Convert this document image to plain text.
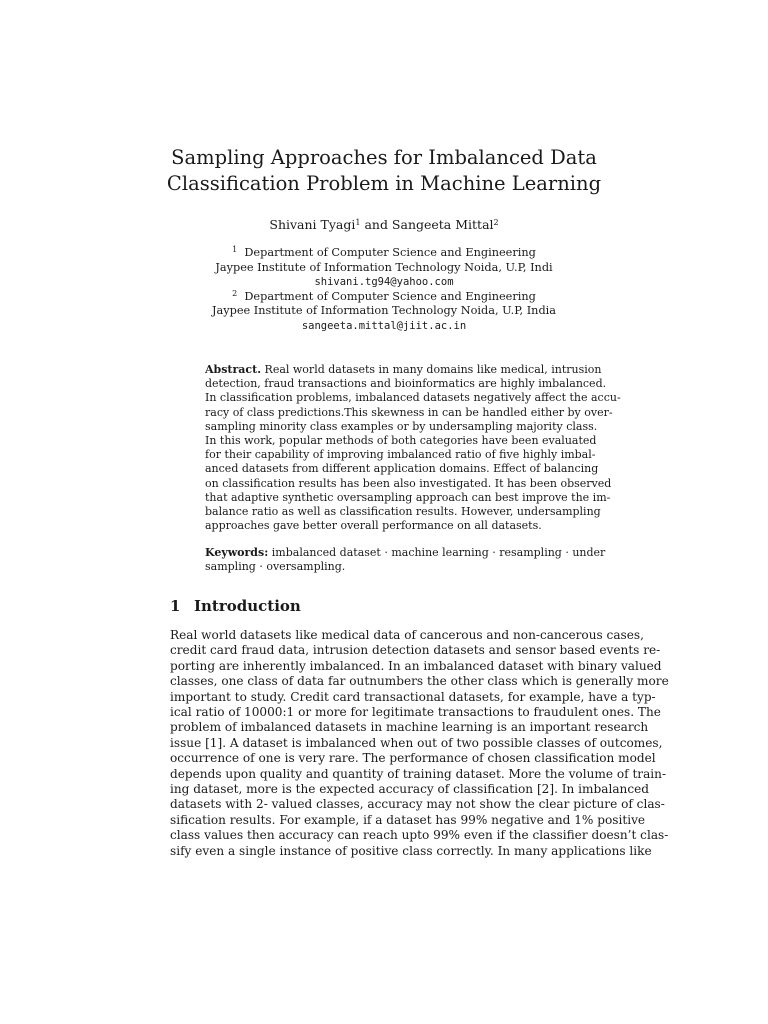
Sampling Approaches for Imbalanced Data
Classification Problem in Machine Learning
Shivani Tyagi$^1$ and Sangeeta Mittal$^2$
$^1$ Department of Computer Science and Engineering
Jaypee Institute of Information Technology Noida, U.P, Indi
shivani.tg94@yahoo.com
$^2$ Department of Computer Science and Engineering
Jaypee Institute of Information Technology Noida, U.P, India
sangeeta.mittal@jiit.ac.in
Abstract. Real world datasets in many domains like medical, intrusion
detection, fraud transactions and bioinformatics are highly imbalanced.
In classification problems, imbalanced datasets negatively affect the accu-
racy of class predictions.This skewness in can be handled either by over-
sampling minority class examples or by undersampling majority class.
In this work, popular methods of both categories have been evaluated
for their capability of improving imbalanced ratio of five highly imbal-
anced datasets from different application domains. Effect of balancing
on classification results has been also investigated. It has been observed
that adaptive synthetic oversampling approach can best improve the im-
balance ratio as well as classification results. However, undersampling
approaches gave better overall performance on all datasets.
Keywords: imbalanced dataset · machine learning · resampling · under
sampling · oversampling.
1 Introduction
Real world datasets like medical data of cancerous and non-cancerous cases,
credit card fraud data, intrusion detection datasets and sensor based events re-
porting are inherently imbalanced. In an imbalanced dataset with binary valued
classes, one class of data far outnumbers the other class which is generally more
important to study. Credit card transactional datasets, for example, have a typ-
ical ratio of 10000:1 or more for legitimate transactions to fraudulent ones. The
problem of imbalanced datasets in machine learning is an important research
issue [1]. A dataset is imbalanced when out of two possible classes of outcomes,
occurrence of one is very rare. The performance of chosen classification model
depends upon quality and quantity of training dataset. More the volume of train-
ing dataset, more is the expected accuracy of classification [2]. In imbalanced
datasets with 2- valued classes, accuracy may not show the clear picture of clas-
sification results. For example, if a dataset has 99% negative and 1% positive
class values then accuracy can reach upto 99% even if the classifier doesn’t clas-
sify even a single instance of positive class correctly. In many applications like
